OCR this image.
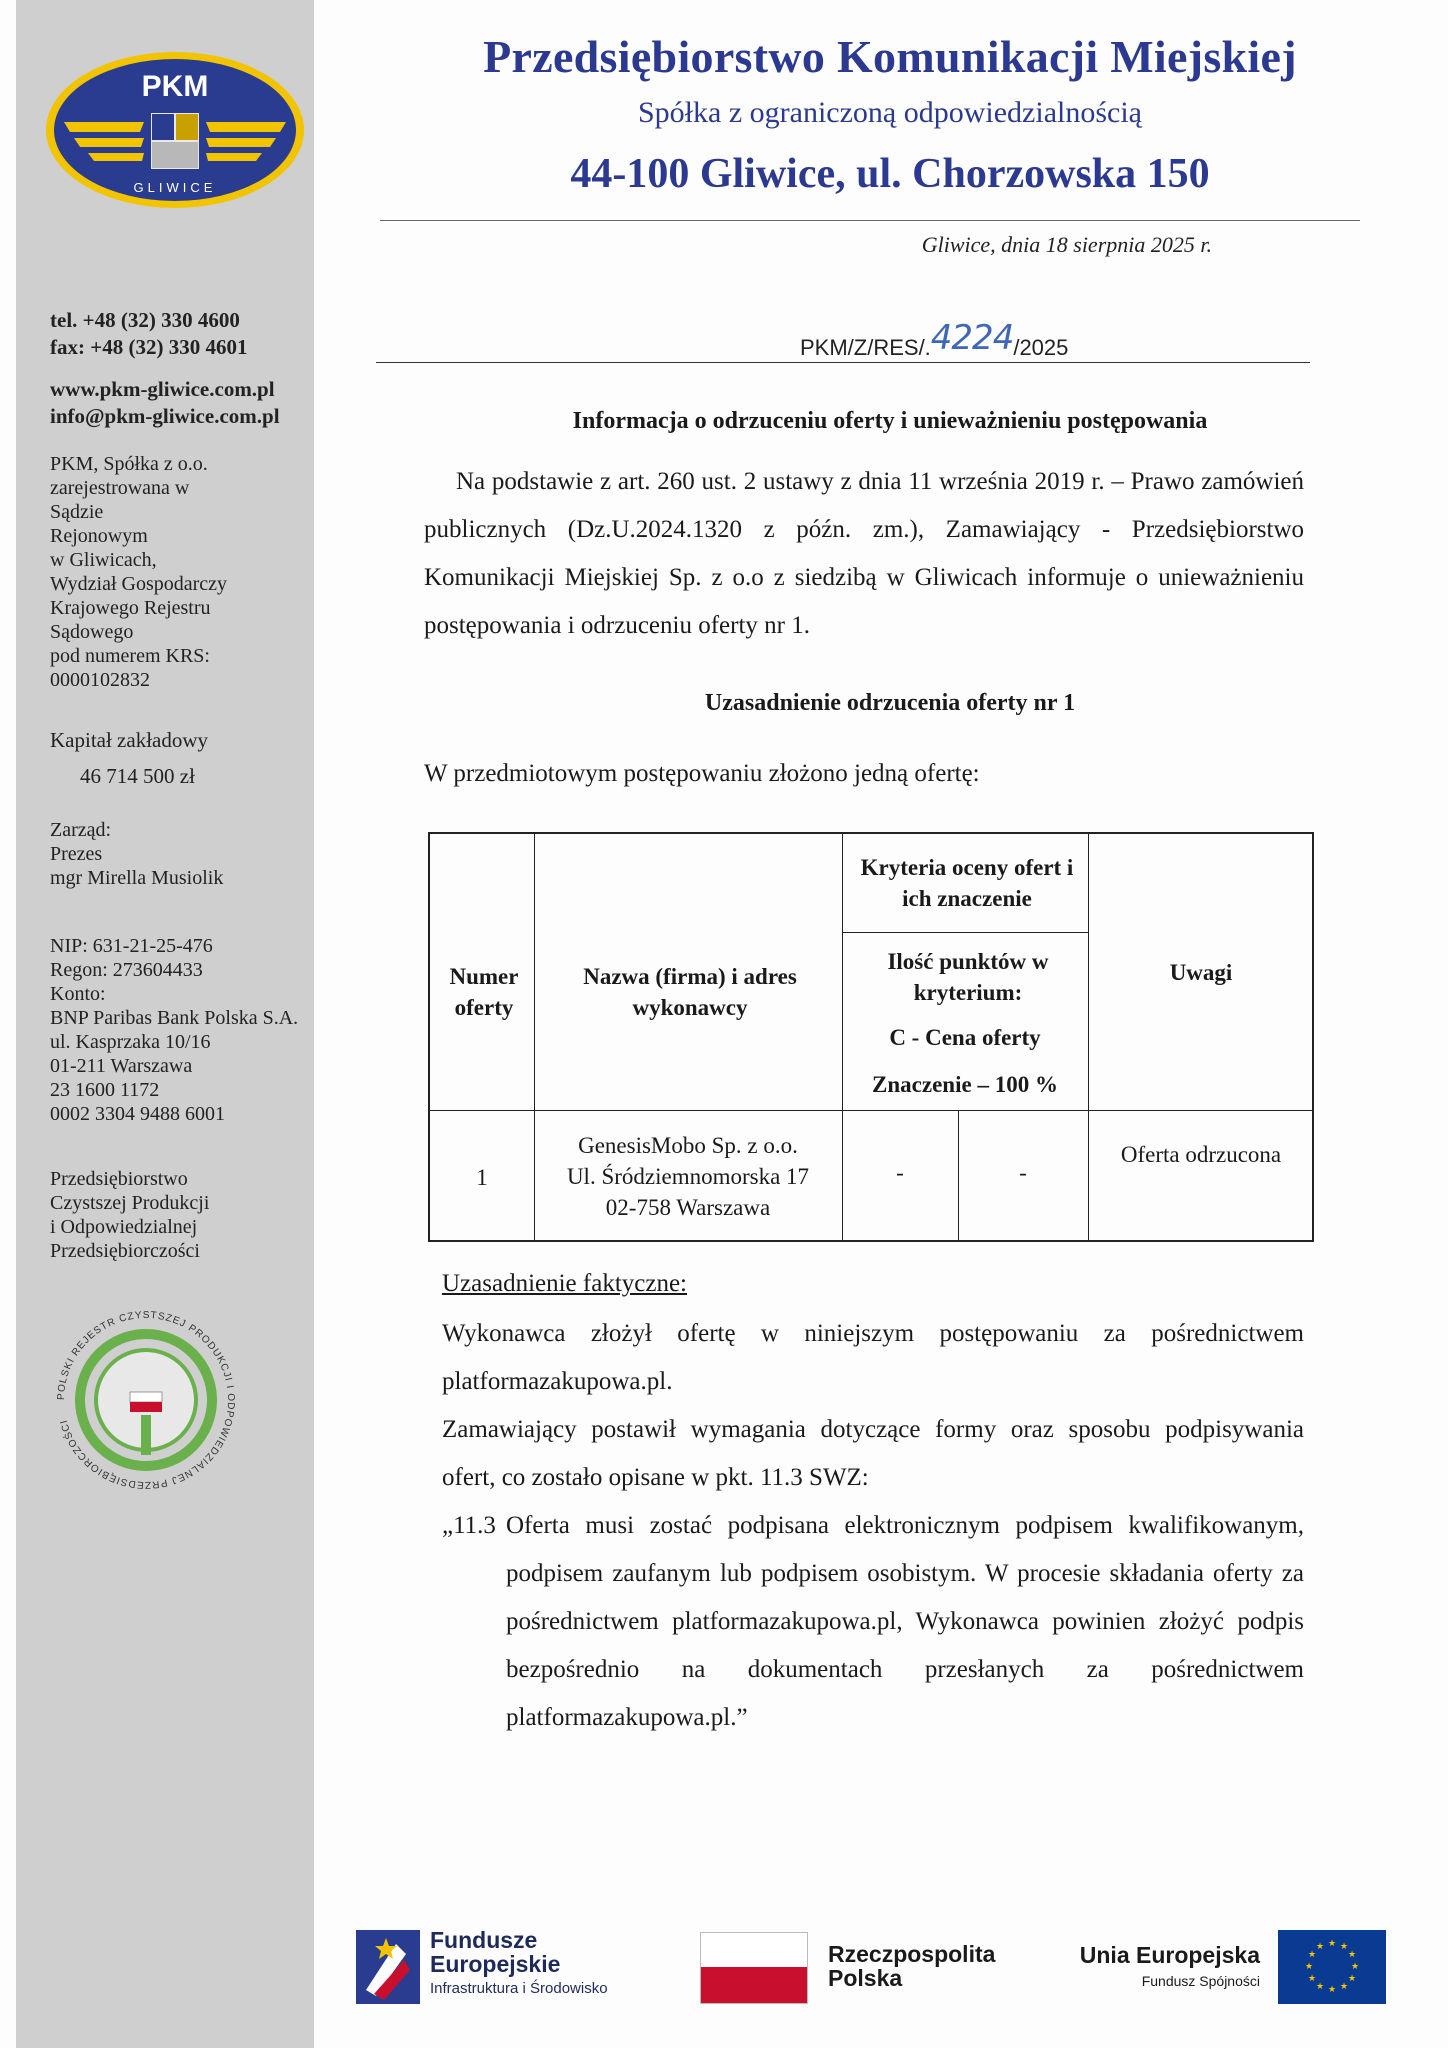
PKM
GLIWICE
tel. +48 (32) 330 4600
fax: +48 (32) 330 4601
www.pkm-gliwice.com.pl
info@pkm-gliwice.com.pl
PKM, Spółka z o.o.
zarejestrowana w
Sądzie
Rejonowym
w Gliwicach,
Wydział Gospodarczy
Krajowego Rejestru
Sądowego
pod numerem KRS:
0000102832
Kapitał zakładowy
46 714 500 zł
Zarząd:
Prezes
mgr Mirella Musiolik
NIP: 631-21-25-476
Regon: 273604433
Konto:
BNP Paribas Bank Polska S.A.
ul. Kasprzaka 10/16
01-211 Warszawa
23 1600 1172
0002 3304 9488 6001
Przedsiębiorstwo
Czystszej Produkcji
i Odpowiedzialnej
Przedsiębiorczości
POLSKI REJESTR CZYSTSZEJ PRODUKCJI I ODPOWIEDZIALNEJ PRZEDSIĘBIORCZOŚCI
Przedsiębiorstwo Komunikacji Miejskiej
Spółka z ograniczoną odpowiedzialnością
44-100 Gliwice, ul. Chorzowska 150
Gliwice, dnia 18 sierpnia 2025 r.
PKM/Z/RES/.4224/2025
Informacja o odrzuceniu oferty i unieważnieniu postępowania
Na podstawie z art. 260 ust. 2 ustawy z dnia 11 września 2019 r. – Prawo zamówień publicznych (Dz.U.2024.1320 z późn. zm.), Zamawiający - Przedsiębiorstwo Komunikacji Miejskiej Sp. z o.o z siedzibą w Gliwicach informuje o unieważnieniu postępowania i odrzuceniu oferty nr 1.
Uzasadnienie odrzucenia oferty nr 1
W przedmiotowym postępowaniu złożono jedną ofertę:
Numer oferty
Nazwa (firma) i adres wykonawcy
Kryteria oceny ofert i ich znaczenie
Ilość punktów w kryterium:
C - Cena oferty
Znaczenie – 100 %
Uwagi
1
GenesisMobo Sp. z o.o.
Ul. Śródziemnomorska 17
02-758 Warszawa
-	-
Oferta odrzucona
Uzasadnienie faktyczne:
Wykonawca złożył ofertę w niniejszym postępowaniu za pośrednictwem platformazakupowa.pl.
Zamawiający postawił wymagania dotyczące formy oraz sposobu podpisywania ofert, co zostało opisane w pkt. 11.3 SWZ:
„11.3 Oferta musi zostać podpisana elektronicznym podpisem kwalifikowanym, podpisem zaufanym lub podpisem osobistym. W procesie składania oferty za pośrednictwem platformazakupowa.pl, Wykonawca powinien złożyć podpis bezpośrednio na dokumentach przesłanych za pośrednictwem platformazakupowa.pl.”
Fundusze
Europejskie
Infrastruktura i Środowisko
Rzeczpospolita
Polska
Unia Europejska
Fundusz Spójności
★ ★
★
★
★
★
★
★
★
★
★
★
